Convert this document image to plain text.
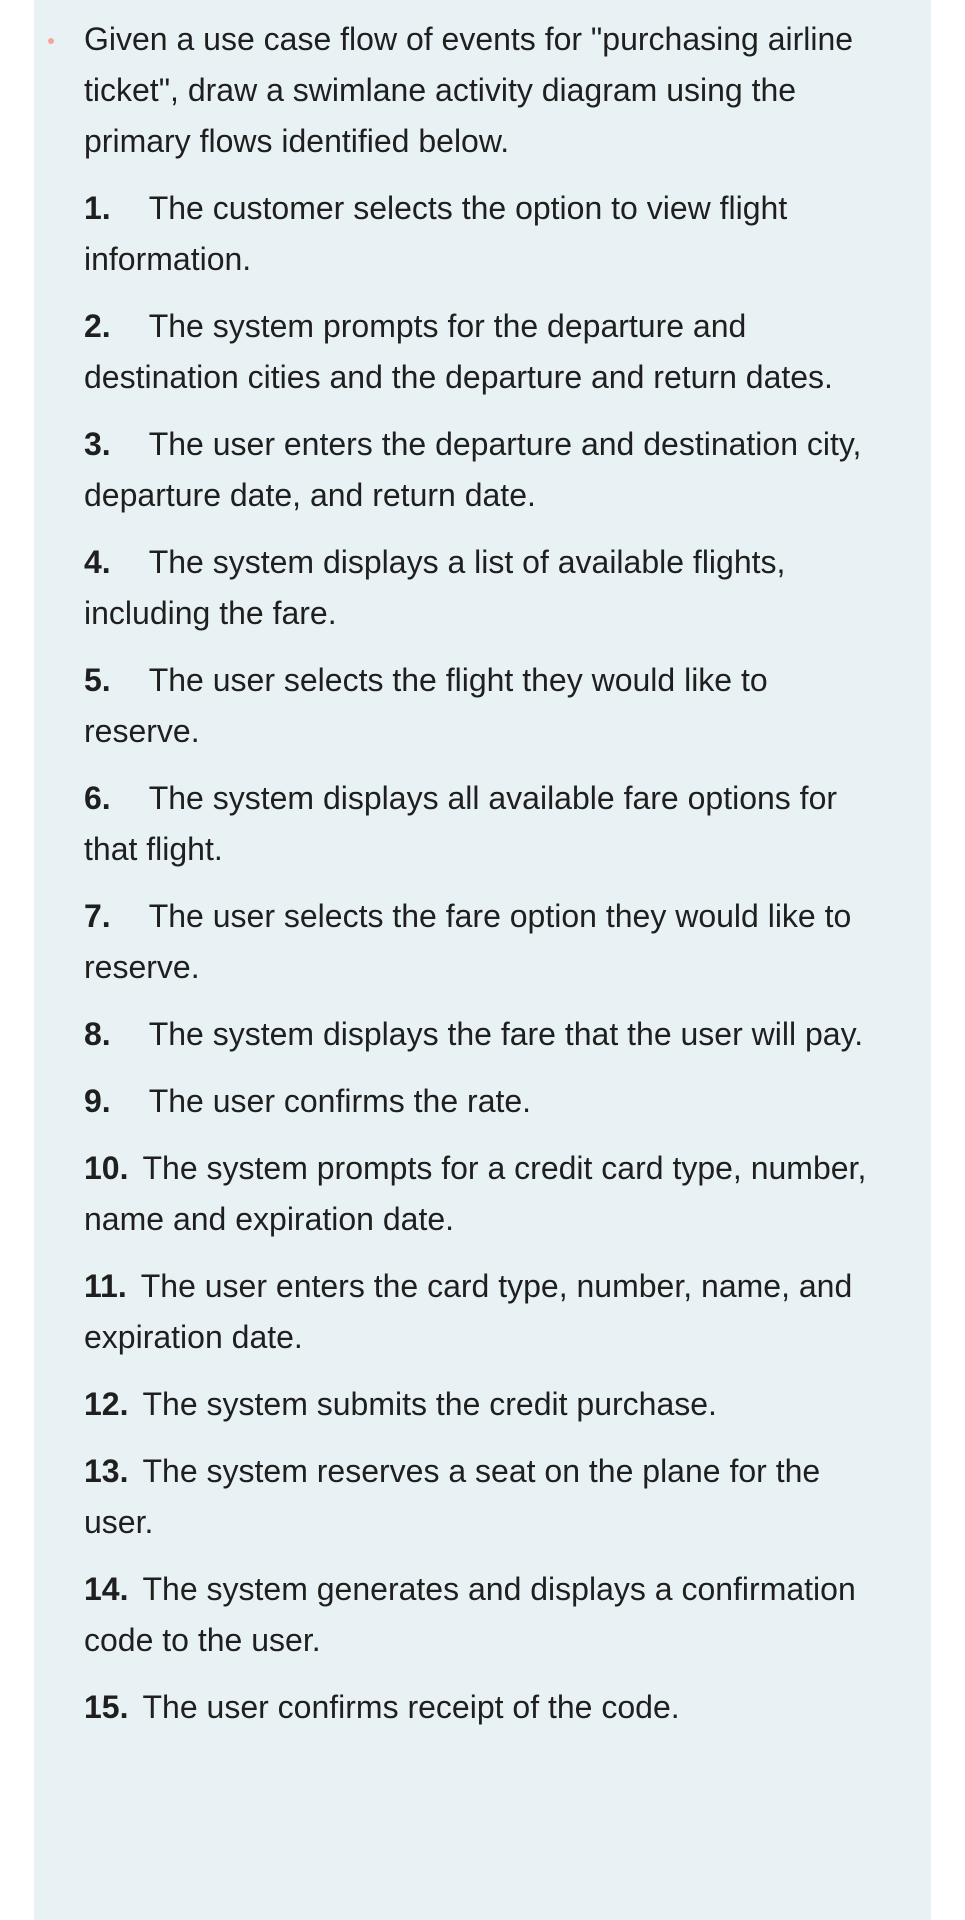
Given a use case flow of events for "purchasing airline ticket", draw a swimlane activity diagram using the primary flows identified below.

1. The customer selects the option to view flight information.

2. The system prompts for the departure and destination cities and the departure and return dates.

3. The user enters the departure and destination city, departure date, and return date.

4. The system displays a list of available flights, including the fare.

5. The user selects the flight they would like to reserve.

6. The system displays all available fare options for that flight.

7. The user selects the fare option they would like to reserve.

8. The system displays the fare that the user will pay.

9. The user confirms the rate.

10. The system prompts for a credit card type, number, name and expiration date.

11. The user enters the card type, number, name, and expiration date.

12. The system submits the credit purchase.

13. The system reserves a seat on the plane for the user.

14. The system generates and displays a confirmation code to the user.

15. The user confirms receipt of the code.
